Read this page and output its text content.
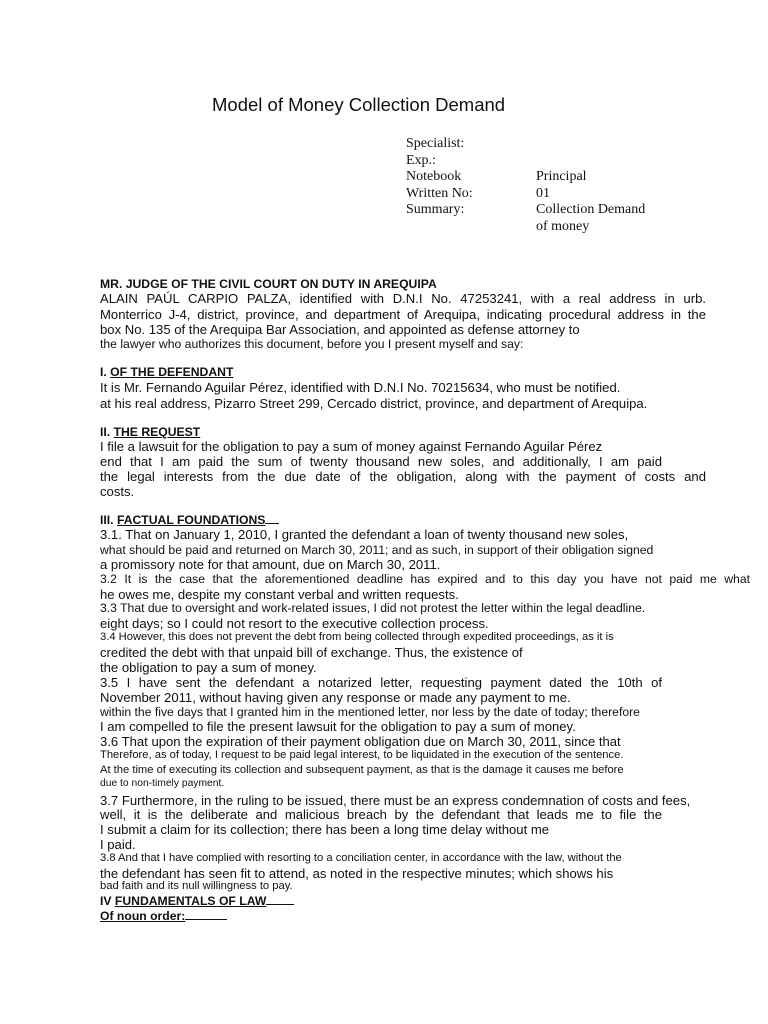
Model of Money Collection Demand
Specialist:
Exp.:
Notebook	Principal
Written No:	01
Summary:	Collection Demand
of money
MR. JUDGE OF THE CIVIL COURT ON DUTY IN AREQUIPA
ALAIN PAÚL CARPIO PALZA, identified with D.N.I No. 47253241, with a real address in urb.
Monterrico J-4, district, province, and department of Arequipa, indicating procedural address in the
box No. 135 of the Arequipa Bar Association, and appointed as defense attorney to
the lawyer who authorizes this document, before you I present myself and say:
I. OF THE DEFENDANT
It is Mr. Fernando Aguilar Pérez, identified with D.N.I No. 70215634, who must be notified.
at his real address, Pizarro Street 299, Cercado district, province, and department of Arequipa.
II. THE REQUEST
I file a lawsuit for the obligation to pay a sum of money against Fernando Aguilar Pérez
end that I am paid the sum of twenty thousand new soles, and additionally, I am paid
the legal interests from the due date of the obligation, along with the payment of costs and
costs.
III. FACTUAL FOUNDATIONS
3.1. That on January 1, 2010, I granted the defendant a loan of twenty thousand new soles,
what should be paid and returned on March 30, 2011; and as such, in support of their obligation signed
a promissory note for that amount, due on March 30, 2011.
3.2 It is the case that the aforementioned deadline has expired and to this day you have not paid me what
he owes me, despite my constant verbal and written requests.
3.3 That due to oversight and work-related issues, I did not protest the letter within the legal deadline.
eight days; so I could not resort to the executive collection process.
3.4 However, this does not prevent the debt from being collected through expedited proceedings, as it is
credited the debt with that unpaid bill of exchange. Thus, the existence of
the obligation to pay a sum of money.
3.5 I have sent the defendant a notarized letter, requesting payment dated the 10th of
November 2011, without having given any response or made any payment to me.
within the five days that I granted him in the mentioned letter, nor less by the date of today; therefore
I am compelled to file the present lawsuit for the obligation to pay a sum of money.
3.6 That upon the expiration of their payment obligation due on March 30, 2011, since that
Therefore, as of today, I request to be paid legal interest, to be liquidated in the execution of the sentence.
At the time of executing its collection and subsequent payment, as that is the damage it causes me before
due to non-timely payment.
3.7 Furthermore, in the ruling to be issued, there must be an express condemnation of costs and fees,
well, it is the deliberate and malicious breach by the defendant that leads me to file the
I submit a claim for its collection; there has been a long time delay without me
I paid.
3.8 And that I have complied with resorting to a conciliation center, in accordance with the law, without the
the defendant has seen fit to attend, as noted in the respective minutes; which shows his
bad faith and its null willingness to pay.
IV FUNDAMENTALS OF LAW
Of noun order:
